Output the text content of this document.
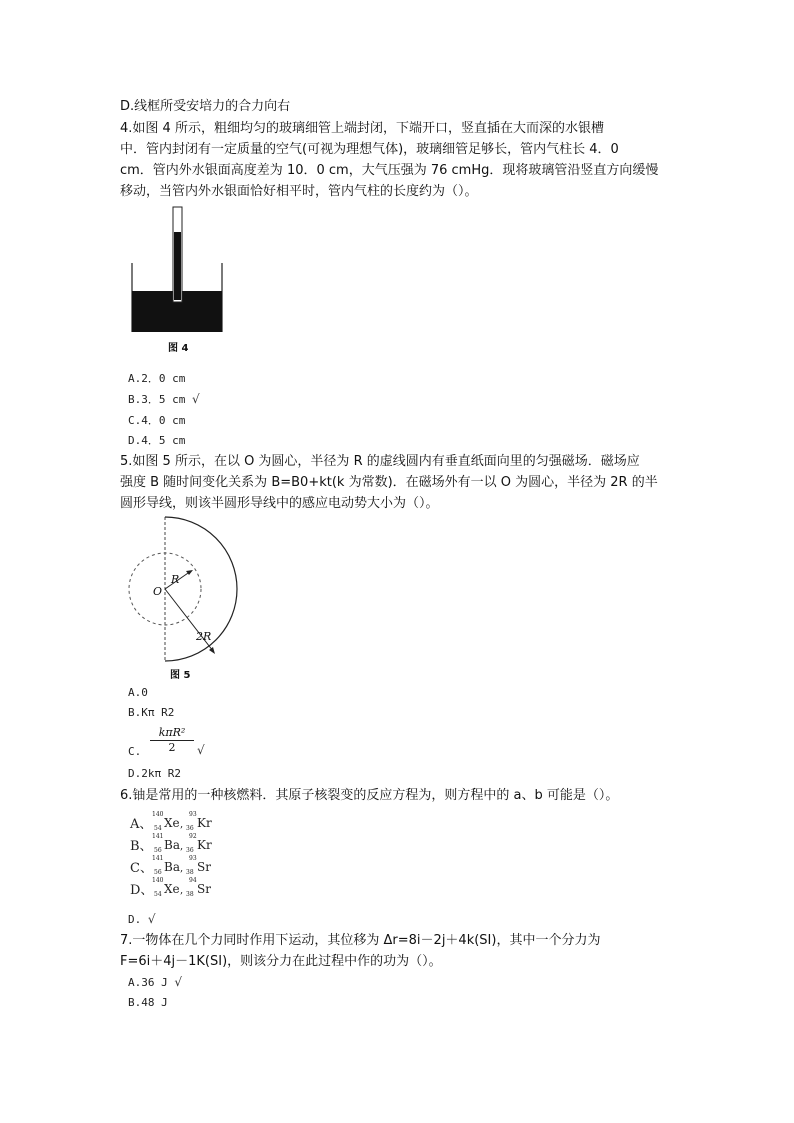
D.线框所受安培力的合力向右
4.如图 4 所示，粗细均匀的玻璃细管上端封闭，下端开口，竖直插在大而深的水银槽
中．管内封闭有一定质量的空气(可视为理想气体)，玻璃细管足够长，管内气柱长 4．0
cm．管内外水银面高度差为 10．0 cm，大气压强为 76 cmHg．现将玻璃管沿竖直方向缓慢
移动，当管内外水银面恰好相平时，管内气柱的长度约为（）。
图 4
A.2．0 cm
B.3．5 cm √
C.4．0 cm
D.4．5 cm
5.如图 5 所示，在以 O 为圆心，半径为 R 的虚线圆内有垂直纸面向里的匀强磁场．磁场应
强度 B 随时间变化关系为 B=B0+kt(k 为常数)．在磁场外有一以 O 为圆心，半径为 2R 的半
圆形导线，则该半圆形导线中的感应电动势大小为（）。
O
R
2R
图 5
A.0
B.Kπ R2
C.
kπR²
2	√
D.2kπ R2
6.铀是常用的一种核燃料．其原子核裂变的反应方程为，则方程中的 a、b 可能是（）。
A、
140
54 Xe ,
93
36 Kr
B、
141
56 Ba ,
92
36 Kr
C、
141
56 Ba ,
93
38 Sr
D、
140
54 Xe ,
94
38 Sr
D. √
7.一物体在几个力同时作用下运动，其位移为 Δr=8i－2j＋4k(SI)，其中一个分力为
F=6i＋4j－1K(SI)，则该分力在此过程中作的功为（）。
A.36 J √
B.48 J
